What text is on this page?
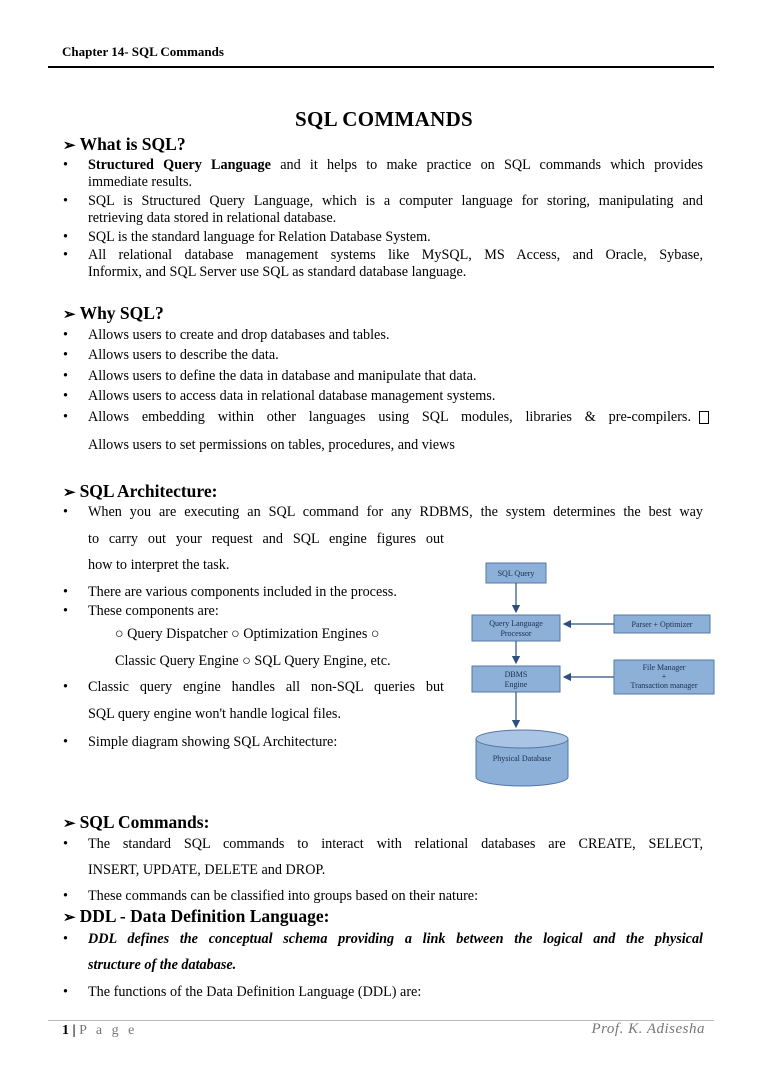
Chapter 14- SQL Commands
SQL COMMANDS
➢ What is SQL?
• Structured Query Language and it helps to make practice on SQL commands which provides
immediate results.
• SQL is Structured Query Language, which is a computer language for storing, manipulating and
retrieving data stored in relational database.
• SQL is the standard language for Relation Database System.
• All relational database management systems like MySQL, MS Access, and Oracle, Sybase,
Informix, and SQL Server use SQL as standard database language.
➢ Why SQL?
• Allows users to create and drop databases and tables.
• Allows users to describe the data.
• Allows users to define the data in database and manipulate that data.
• Allows users to access data in relational database management systems.
• Allows embedding within other languages using SQL modules, libraries & pre-compilers.
Allows users to set permissions on tables, procedures, and views
➢ SQL Architecture:
• When you are executing an SQL command for any RDBMS, the system determines the best way
to carry out your request and SQL engine figures out
how to interpret the task.
• There are various components included in the process.
• These components are:
○ Query Dispatcher ○ Optimization Engines ○
Classic Query Engine ○ SQL Query Engine, etc.
• Classic query engine handles all non-SQL queries but
SQL query engine won't handle logical files.
• Simple diagram showing SQL Architecture:
SQL Query
Query Language
Processor
Parser + Optimizer
DBMS
Engine
File Manager
+
Transaction manager
Physical Database
➢ SQL Commands:
• The standard SQL commands to interact with relational databases are CREATE, SELECT,
INSERT, UPDATE, DELETE and DROP.
• These commands can be classified into groups based on their nature:
➢ DDL - Data Definition Language:
• DDL defines the conceptual schema providing a link between the logical and the physical
structure of the database.
• The functions of the Data Definition Language (DDL) are:
1 | P a g e	Prof. K. Adisesha
